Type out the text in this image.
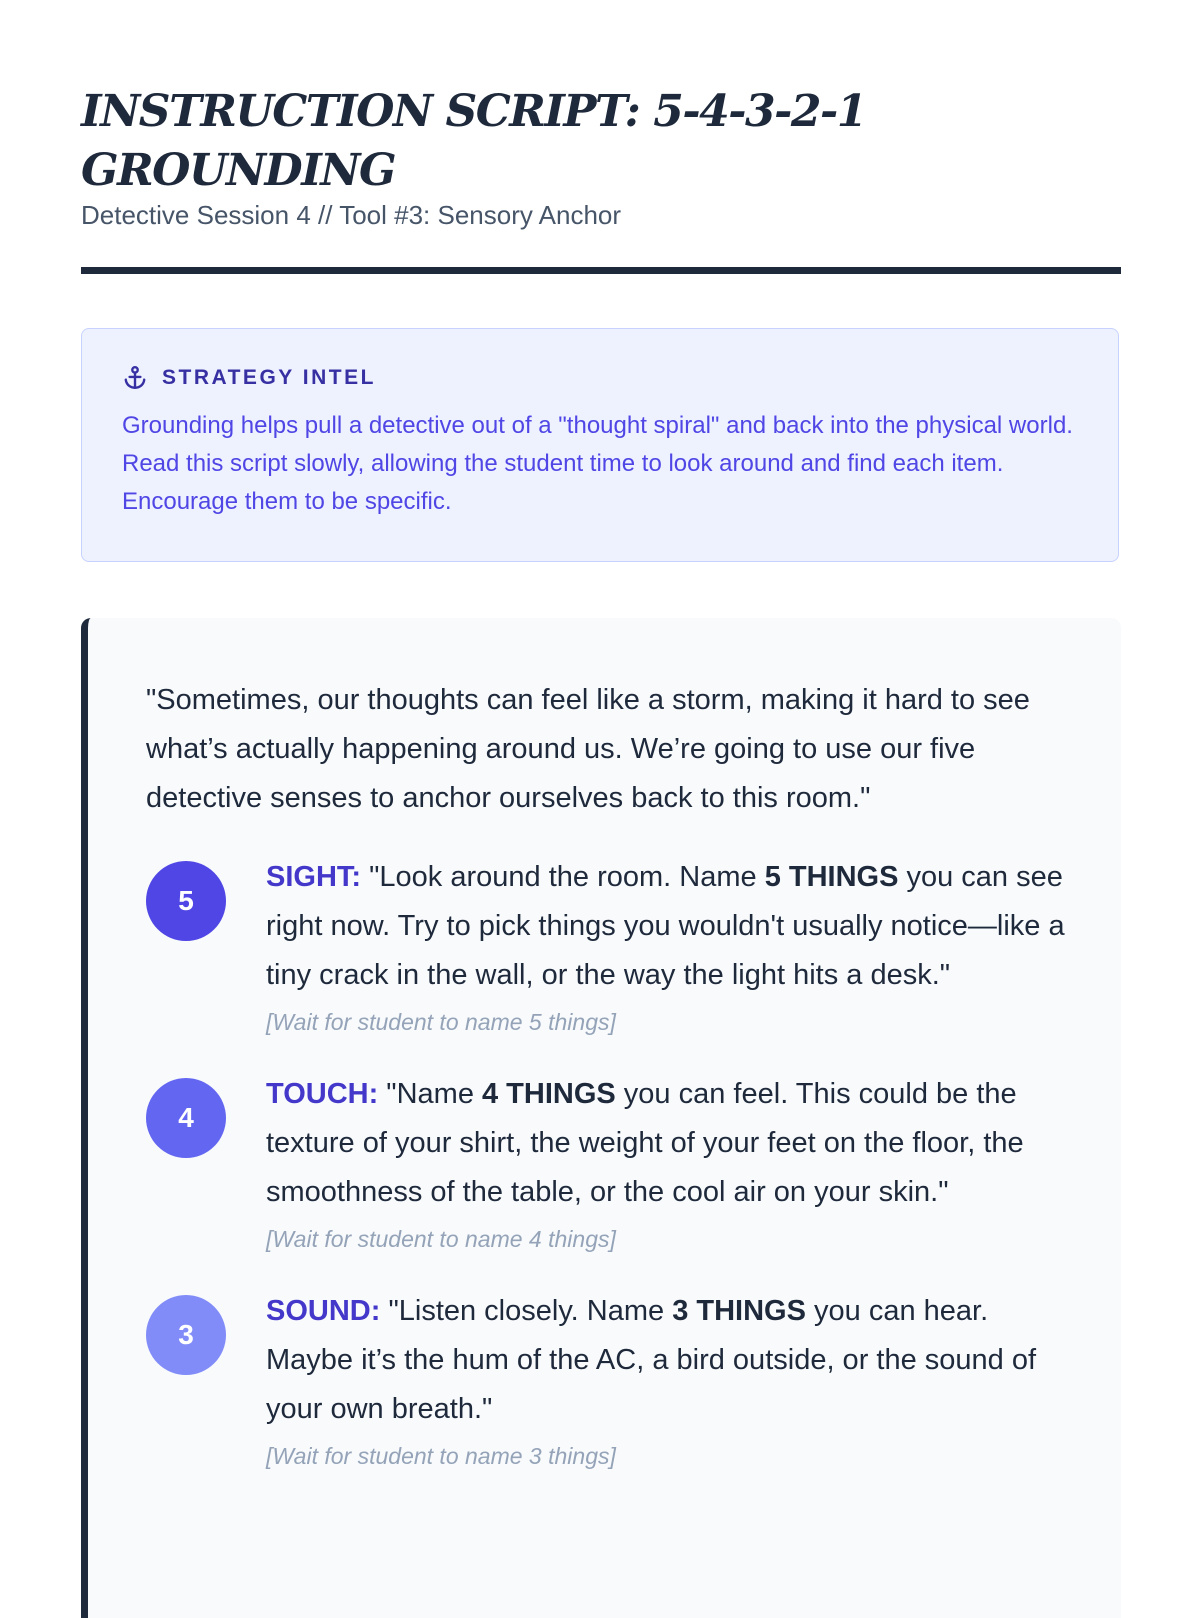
INSTRUCTION SCRIPT: 5-4-3-2-1 GROUNDING
Detective Session 4 // Tool #3: Sensory Anchor
STRATEGY INTEL
Grounding helps pull a detective out of a "thought spiral" and back into the physical world. Read this script slowly, allowing the student time to look around and find each item. Encourage them to be specific.

"Sometimes, our thoughts can feel like a storm, making it hard to see what’s actually happening around us. We’re going to use our five detective senses to anchor ourselves back to this room."

5
SIGHT: "Look around the room. Name 5 THINGS you can see right now. Try to pick things you wouldn't usually notice—like a tiny crack in the wall, or the way the light hits a desk."
[Wait for student to name 5 things]
4
TOUCH: "Name 4 THINGS you can feel. This could be the texture of your shirt, the weight of your feet on the floor, the smoothness of the table, or the cool air on your skin."
[Wait for student to name 4 things]
3
SOUND: "Listen closely. Name 3 THINGS you can hear. Maybe it’s the hum of the AC, a bird outside, or the sound of your own breath."
[Wait for student to name 3 things]
